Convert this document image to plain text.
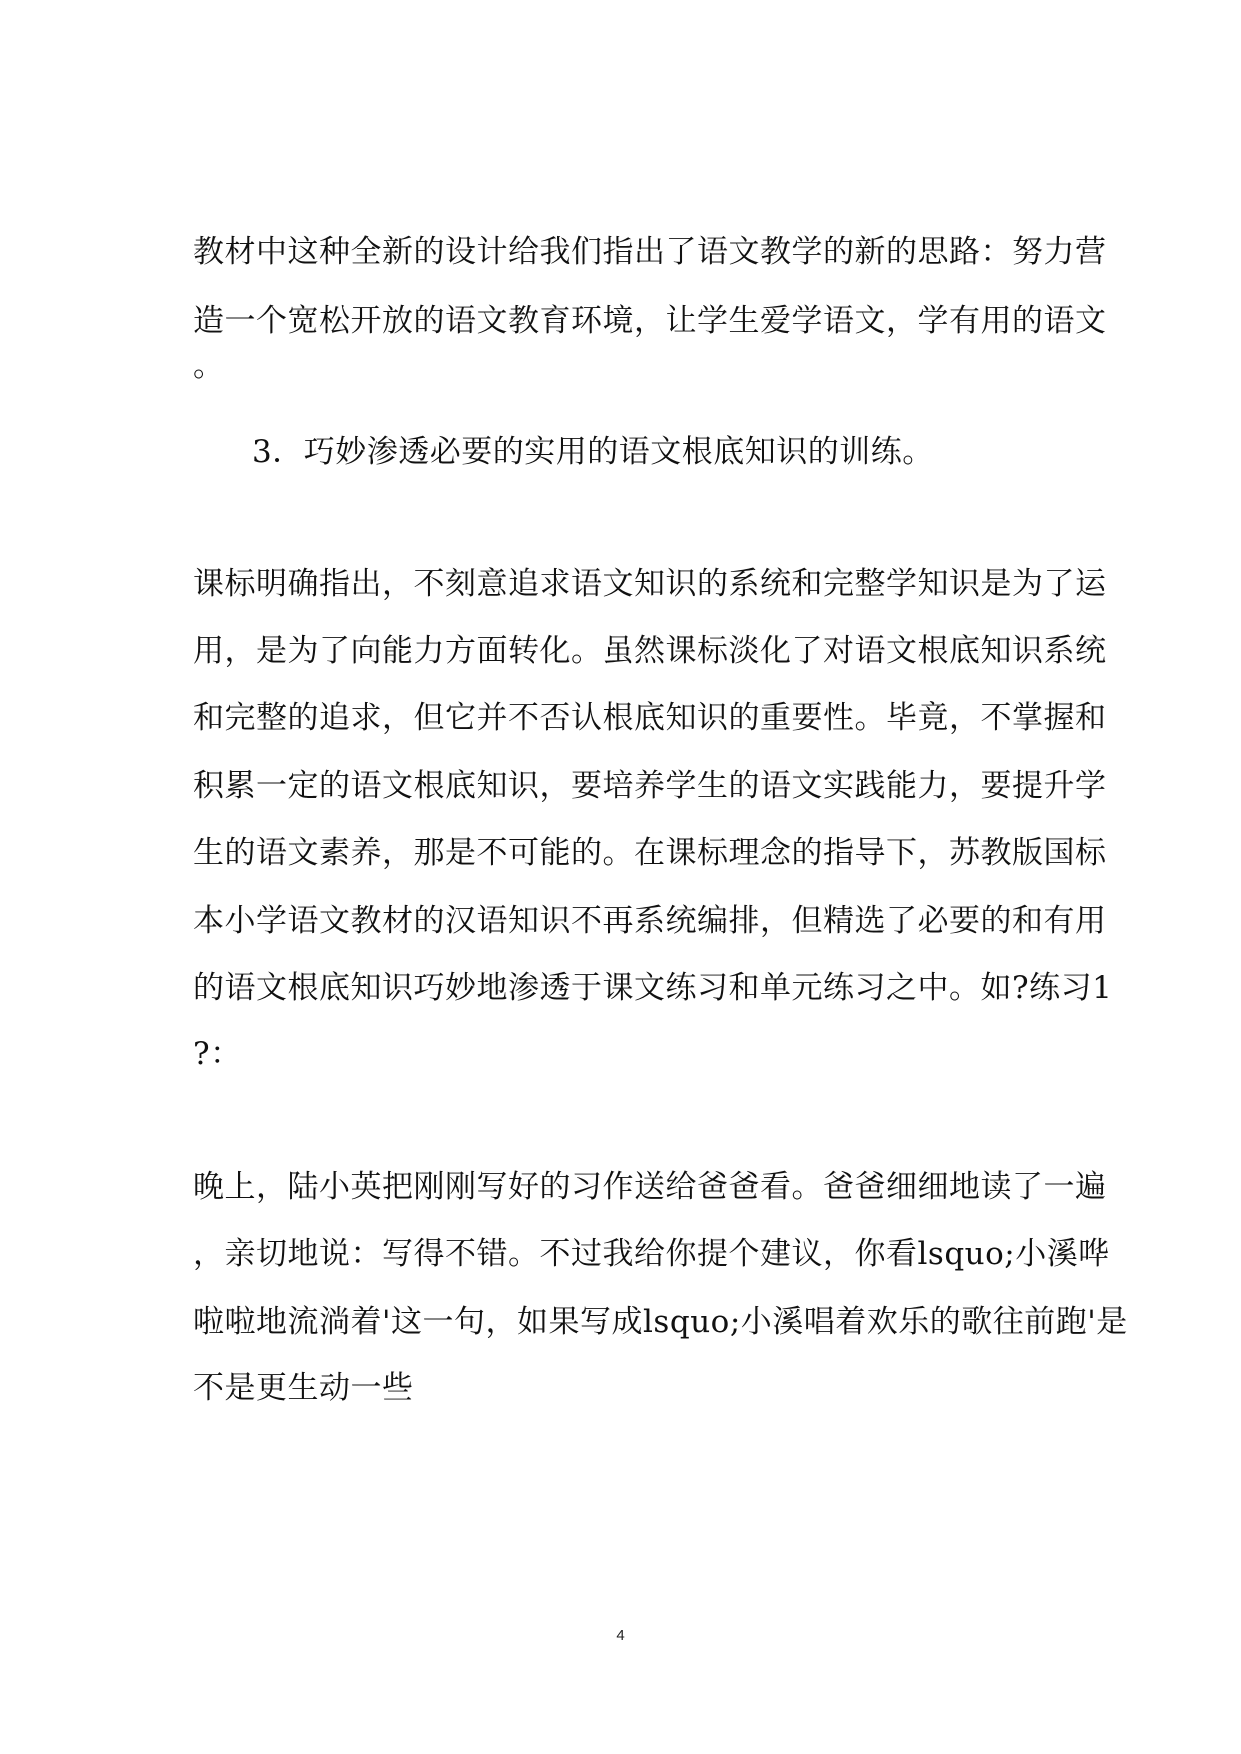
教材中这种全新的设计给我们指出了语文教学的新的思路：努力营
造一个宽松开放的语文教育环境，让学生爱学语文，学有用的语文
。
3．巧妙渗透必要的实用的语文根底知识的训练。
课标明确指出，不刻意追求语文知识的系统和完整学知识是为了运
用，是为了向能力方面转化。虽然课标淡化了对语文根底知识系统
和完整的追求，但它并不否认根底知识的重要性。毕竟，不掌握和
积累一定的语文根底知识，要培养学生的语文实践能力，要提升学
生的语文素养，那是不可能的。在课标理念的指导下，苏教版国标
本小学语文教材的汉语知识不再系统编排，但精选了必要的和有用
的语文根底知识巧妙地渗透于课文练习和单元练习之中。如?练习1
?：
晚上，陆小英把刚刚写好的习作送给爸爸看。爸爸细细地读了一遍
，亲切地说：写得不错。不过我给你提个建议，你看lsquo;小溪哗
啦啦地流淌着'这一句，如果写成lsquo;小溪唱着欢乐的歌往前跑'是
不是更生动一些
4
